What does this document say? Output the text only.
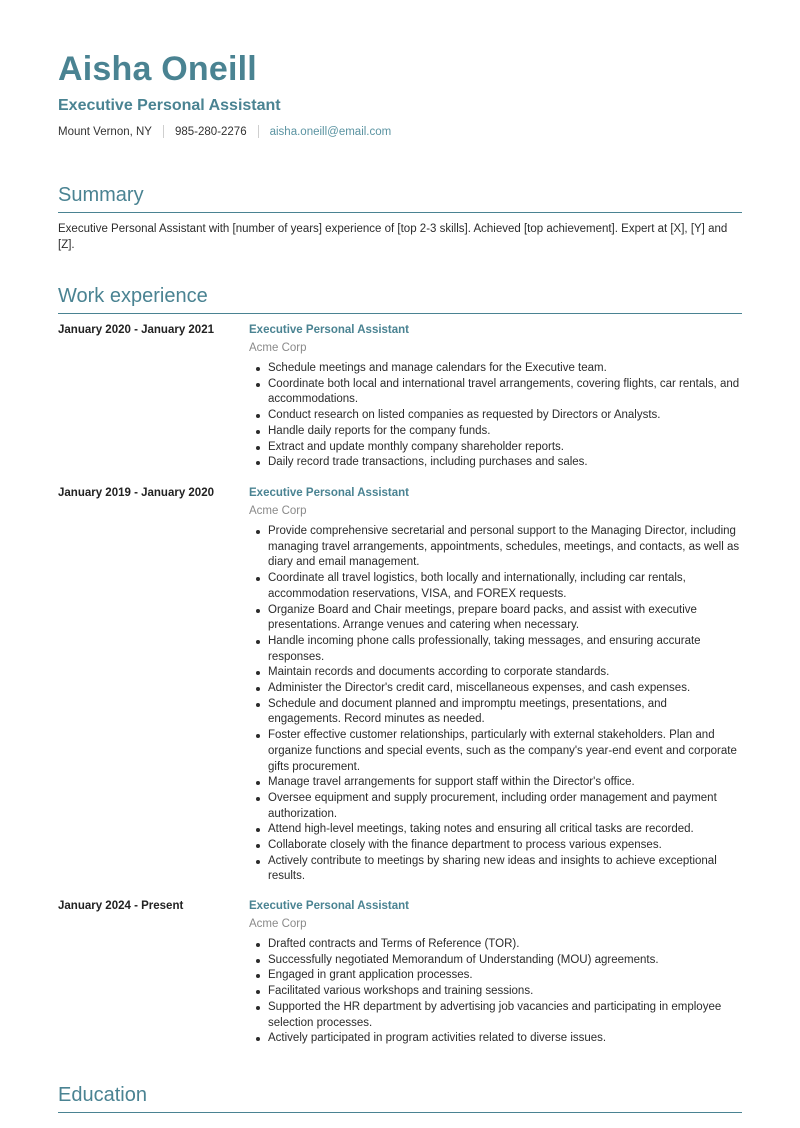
Aisha Oneill
Executive Personal Assistant
Mount Vernon, NY 985-280-2276 aisha.oneill@email.com
Summary

Executive Personal Assistant with [number of years] experience of [top 2-3 skills]. Achieved [top achievement]. Expert at [X], [Y] and [Z].

Work experience
January 2020 - January 2021	Executive Personal Assistant
Acme Corp
Schedule meetings and manage calendars for the Executive team.
Coordinate both local and international travel arrangements, covering flights, car rentals, and accommodations.
Conduct research on listed companies as requested by Directors or Analysts.
Handle daily reports for the company funds.
Extract and update monthly company shareholder reports.
Daily record trade transactions, including purchases and sales.
January 2019 - January 2020	Executive Personal Assistant
Acme Corp
Provide comprehensive secretarial and personal support to the Managing Director, including managing travel arrangements, appointments, schedules, meetings, and contacts, as well as diary and email management.
Coordinate all travel logistics, both locally and internationally, including car rentals, accommodation reservations, VISA, and FOREX requests.
Organize Board and Chair meetings, prepare board packs, and assist with executive presentations. Arrange venues and catering when necessary.
Handle incoming phone calls professionally, taking messages, and ensuring accurate responses.
Maintain records and documents according to corporate standards.
Administer the Director's credit card, miscellaneous expenses, and cash expenses.
Schedule and document planned and impromptu meetings, presentations, and engagements. Record minutes as needed.
Foster effective customer relationships, particularly with external stakeholders. Plan and organize functions and special events, such as the company's year-end event and corporate gifts procurement.
Manage travel arrangements for support staff within the Director's office.
Oversee equipment and supply procurement, including order management and payment authorization.
Attend high-level meetings, taking notes and ensuring all critical tasks are recorded.
Collaborate closely with the finance department to process various expenses.
Actively contribute to meetings by sharing new ideas and insights to achieve exceptional results.
January 2024 - Present	Executive Personal Assistant
Acme Corp
Drafted contracts and Terms of Reference (TOR).
Successfully negotiated Memorandum of Understanding (MOU) agreements.
Engaged in grant application processes.
Facilitated various workshops and training sessions.
Supported the HR department by advertising job vacancies and participating in employee selection processes.
Actively participated in program activities related to diverse issues.
Education
